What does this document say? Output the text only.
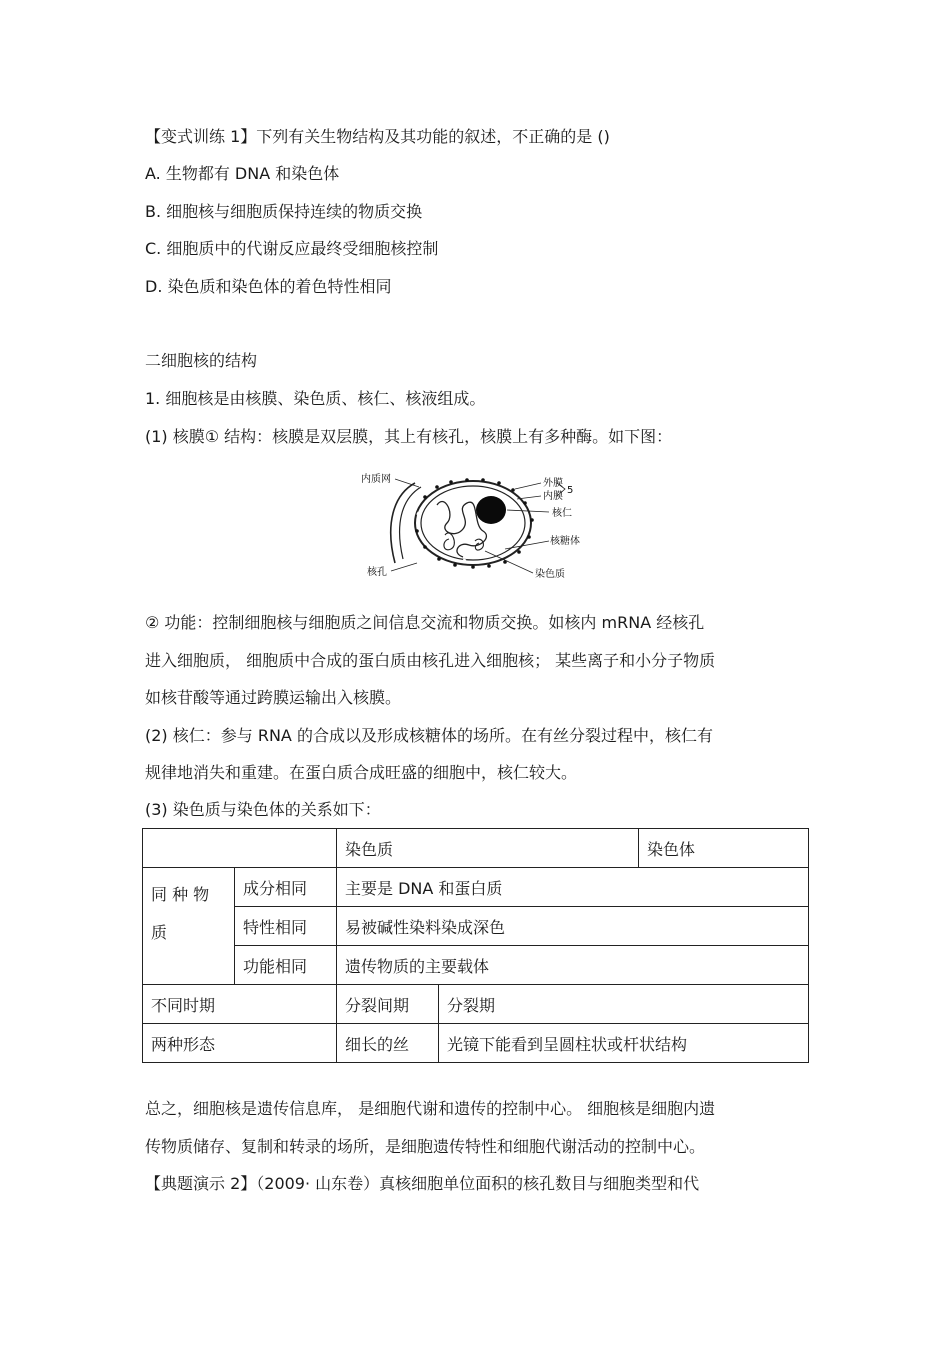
【变式训练 1】下列有关生物结构及其功能的叙述，不正确的是 ()
A. 生物都有 DNA 和染色体
B. 细胞核与细胞质保持连续的物质交换
C. 细胞质中的代谢反应最终受细胞核控制
D. 染色质和染色体的着色特性相同
二细胞核的结构
1. 细胞核是由核膜、染色质、核仁、核液组成。
(1) 核膜① 结构：核膜是双层膜，其上有核孔，核膜上有多种酶。如下图：
内质网	外膜
内膜
5
核仁
核糖体
核孔	染色质
② 功能：控制细胞核与细胞质之间信息交流和物质交换。如核内 mRNA 经核孔
进入细胞质， 细胞质中合成的蛋白质由核孔进入细胞核； 某些离子和小分子物质
如核苷酸等通过跨膜运输出入核膜。
(2) 核仁：参与 RNA 的合成以及形成核糖体的场所。在有丝分裂过程中，核仁有
规律地消失和重建。在蛋白质合成旺盛的细胞中，核仁较大。
(3) 染色质与染色体的关系如下：
		染色质		染色体
同 种 物
质	成分相同	主要是 DNA 和蛋白质		
	特性相同	易被碱性染料染成深色		
	功能相同	遗传物质的主要载体		
不同时期		分裂间期	分裂期	
两种形态		细长的丝	光镜下能看到呈圆柱状或杆状结构	
总之，细胞核是遗传信息库， 是细胞代谢和遗传的控制中心。 细胞核是细胞内遗
传物质储存、复制和转录的场所，是细胞遗传特性和细胞代谢活动的控制中心。
【典题演示 2】（2009· 山东卷）真核细胞单位面积的核孔数目与细胞类型和代
